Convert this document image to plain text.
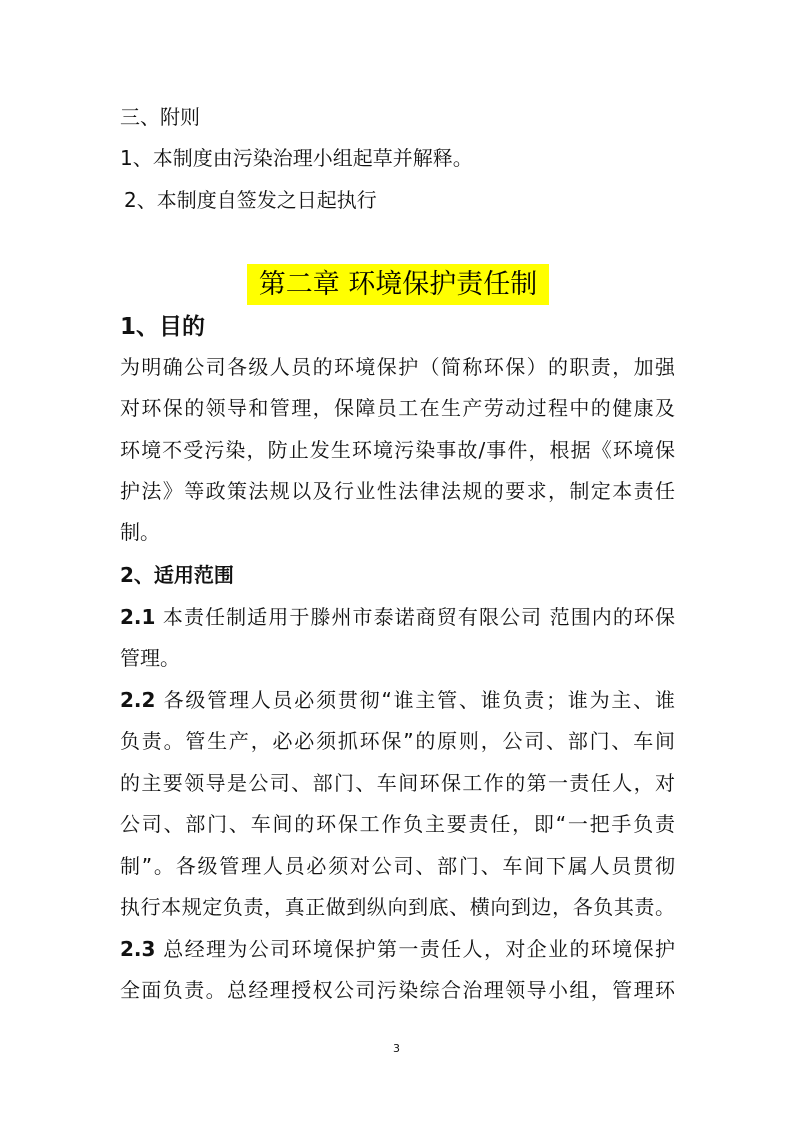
三、附则
1、本制度由污染治理小组起草并解释。
2、本制度自签发之日起执行
第二章 环境保护责任制
1、目的
为明确公司各级人员的环境保护（简称环保）的职责，加强
对环保的领导和管理，保障员工在生产劳动过程中的健康及
环境不受污染，防止发生环境污染事故/事件，根据《环境保
护法》等政策法规以及行业性法律法规的要求，制定本责任
制。
2、适用范围
2.1 本责任制适用于滕州市泰诺商贸有限公司 范围内的环保
管理。
2.2 各级管理人员必须贯彻“谁主管、谁负责；谁为主、谁
负责。管生产，必必须抓环保”的原则，公司、部门、车间
的主要领导是公司、部门、车间环保工作的第一责任人，对
公司、部门、车间的环保工作负主要责任，即“一把手负责
制”。各级管理人员必须对公司、部门、车间下属人员贯彻
执行本规定负责，真正做到纵向到底、横向到边，各负其责。
2.3 总经理为公司环境保护第一责任人，对企业的环境保护
全面负责。总经理授权公司污染综合治理领导小组，管理环
3
